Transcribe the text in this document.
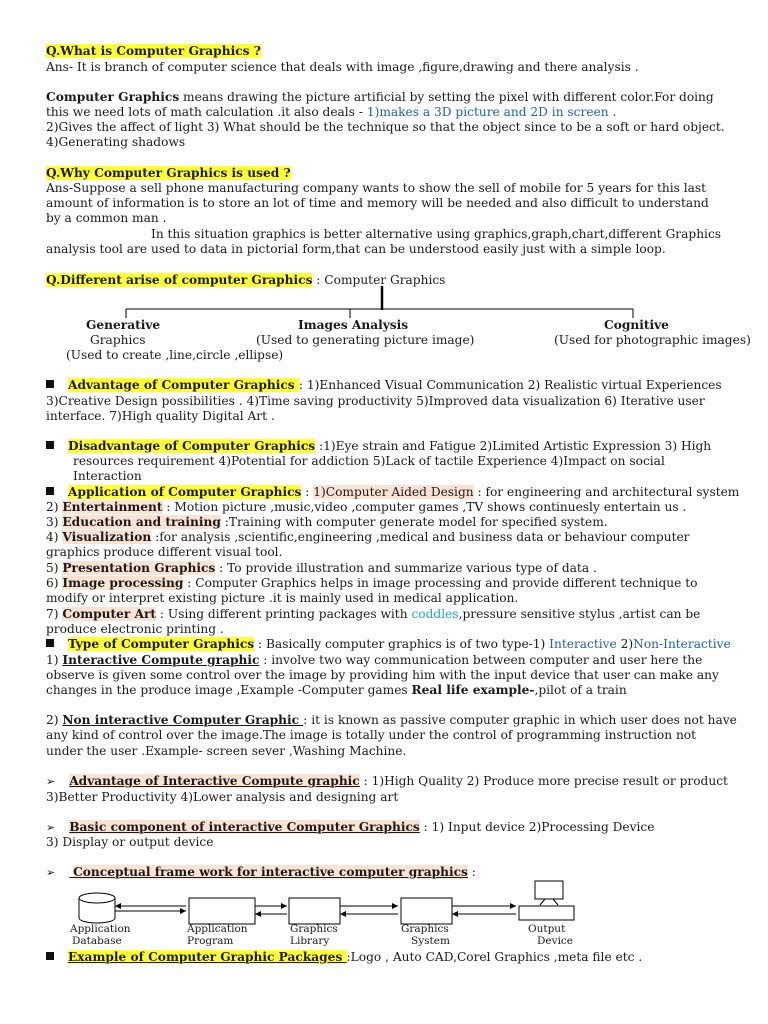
Q.What is Computer Graphics ?
Ans- It is branch of computer science that deals with image ,figure,drawing and there analysis .
Computer Graphics means drawing the picture artificial by setting the pixel with different color.For doing
this we need lots of math calculation .it also deals - 1)makes a 3D picture and 2D in screen .
2)Gives the affect of light 3) What should be the technique so that the object since to be a soft or hard object.
4)Generating shadows
Q.Why Computer Graphics is used ?
Ans-Suppose a sell phone manufacturing company wants to show the sell of mobile for 5 years for this last
amount of information is to store an lot of time and memory will be needed and also difficult to understand
by a common man .
In this situation graphics is better alternative using graphics,graph,chart,different Graphics
analysis tool are used to data in pictorial form,that can be understood easily just with a simple loop.
Q.Different arise of computer Graphics : Computer Graphics
Generative
Graphics
(Used to create ,line,circle ,ellipse)
Images Analysis
(Used to generating picture image)
Cognitive
(Used for photographic images)
Advantage of Computer Graphics : 1)Enhanced Visual Communication 2) Realistic virtual Experiences
3)Creative Design possibilities . 4)Time saving productivity 5)Improved data visualization 6) Iterative user
interface. 7)High quality Digital Art .
Disadvantage of Computer Graphics :1)Eye strain and Fatigue 2)Limited Artistic Expression 3) High
resources requirement 4)Potential for addiction 5)Lack of tactile Experience 4)Impact on social
Interaction
Application of Computer Graphics : 1)Computer Aided Design : for engineering and architectural system
2) Entertainment : Motion picture ,music,video ,computer games ,TV shows continuesly entertain us .
3) Education and training :Training with computer generate model for specified system.
4) Visualization :for analysis ,scientific,engineering ,medical and business data or behaviour computer
graphics produce different visual tool.
5) Presentation Graphics : To provide illustration and summarize various type of data .
6) Image processing : Computer Graphics helps in image processing and provide different technique to
modify or interpret existing picture .it is mainly used in medical application.
7) Computer Art : Using different printing packages with coddles,pressure sensitive stylus ,artist can be
produce electronic printing .
Type of Computer Graphics : Basically computer graphics is of two type-1) Interactive 2)Non-Interactive
1) Interactive Compute graphic : involve two way communication between computer and user here the
observe is given some control over the image by providing him with the input device that user can make any
changes in the produce image ,Example -Computer games Real life example-,pilot of a train
2) Non interactive Computer Graphic : it is known as passive computer graphic in which user does not have
any kind of control over the image.The image is totally under the control of programming instruction not
under the user .Example- screen sever ,Washing Machine.
➢ Advantage of Interactive Compute graphic : 1)High Quality 2) Produce more precise result or product
3)Better Productivity 4)Lower analysis and designing art
➢ Basic component of interactive Computer Graphics : 1) Input device 2)Processing Device
3) Display or output device
➢ Conceptual frame work for interactive computer graphics :
Application
Database
Application
Program
Graphics
Library
Graphics
System
Output
Device
Example of Computer Graphic Packages :Logo , Auto CAD,Corel Graphics ,meta file etc .
